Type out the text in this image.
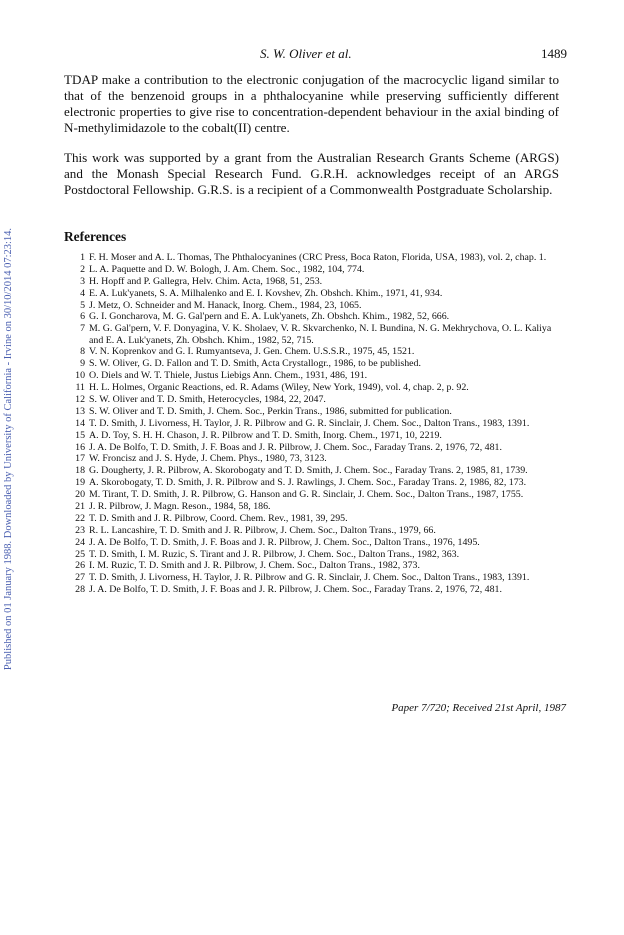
Published on 01 January 1988. Downloaded by University of California - Irvine on 30/10/2014 07:23:14.
S. W. Oliver et al.	1489

TDAP make a contribution to the electronic conjugation of the macrocyclic ligand similar to that of the benzenoid groups in a phthalocyanine while preserving sufficiently different electronic properties to give rise to concentration-dependent behaviour in the axial binding of N-methylimidazole to the cobalt(II) centre.

This work was supported by a grant from the Australian Research Grants Scheme (ARGS) and the Monash Special Research Fund. G.R.H. acknowledges receipt of an ARGS Postdoctoral Fellowship. G.R.S. is a recipient of a Commonwealth Postgraduate Scholarship.

References
1 F. H. Moser and A. L. Thomas, The Phthalocyanines (CRC Press, Boca Raton, Florida, USA, 1983), vol. 2, chap. 1.
2 L. A. Paquette and D. W. Bologh, J. Am. Chem. Soc., 1982, 104, 774.
3 H. Hopff and P. Gallegra, Helv. Chim. Acta, 1968, 51, 253.
4 E. A. Luk'yanets, S. A. Milhalenko and E. I. Kovshev, Zh. Obshch. Khim., 1971, 41, 934.
5 J. Metz, O. Schneider and M. Hanack, Inorg. Chem., 1984, 23, 1065.
6 G. I. Goncharova, M. G. Gal'pern and E. A. Luk'yanets, Zh. Obshch. Khim., 1982, 52, 666.
7 M. G. Gal'pern, V. F. Donyagina, V. K. Sholaev, V. R. Skvarchenko, N. I. Bundina, N. G. Mekhrychova, O. L. Kaliya and E. A. Luk'yanets, Zh. Obshch. Khim., 1982, 52, 715.
8 V. N. Koprenkov and G. I. Rumyantseva, J. Gen. Chem. U.S.S.R., 1975, 45, 1521.
9 S. W. Oliver, G. D. Fallon and T. D. Smith, Acta Crystallogr., 1986, to be published.
10 O. Diels and W. T. Thiele, Justus Liebigs Ann. Chem., 1931, 486, 191.
11 H. L. Holmes, Organic Reactions, ed. R. Adams (Wiley, New York, 1949), vol. 4, chap. 2, p. 92.
12 S. W. Oliver and T. D. Smith, Heterocycles, 1984, 22, 2047.
13 S. W. Oliver and T. D. Smith, J. Chem. Soc., Perkin Trans., 1986, submitted for publication.
14 T. D. Smith, J. Livorness, H. Taylor, J. R. Pilbrow and G. R. Sinclair, J. Chem. Soc., Dalton Trans., 1983, 1391.
15 A. D. Toy, S. H. H. Chason, J. R. Pilbrow and T. D. Smith, Inorg. Chem., 1971, 10, 2219.
16 J. A. De Bolfo, T. D. Smith, J. F. Boas and J. R. Pilbrow, J. Chem. Soc., Faraday Trans. 2, 1976, 72, 481.
17 W. Froncisz and J. S. Hyde, J. Chem. Phys., 1980, 73, 3123.
18 G. Dougherty, J. R. Pilbrow, A. Skorobogaty and T. D. Smith, J. Chem. Soc., Faraday Trans. 2, 1985, 81, 1739.
19 A. Skorobogaty, T. D. Smith, J. R. Pilbrow and S. J. Rawlings, J. Chem. Soc., Faraday Trans. 2, 1986, 82, 173.
20 M. Tirant, T. D. Smith, J. R. Pilbrow, G. Hanson and G. R. Sinclair, J. Chem. Soc., Dalton Trans., 1987, 1755.
21 J. R. Pilbrow, J. Magn. Reson., 1984, 58, 186.
22 T. D. Smith and J. R. Pilbrow, Coord. Chem. Rev., 1981, 39, 295.
23 R. L. Lancashire, T. D. Smith and J. R. Pilbrow, J. Chem. Soc., Dalton Trans., 1979, 66.
24 J. A. De Bolfo, T. D. Smith, J. F. Boas and J. R. Pilbrow, J. Chem. Soc., Dalton Trans., 1976, 1495.
25 T. D. Smith, I. M. Ruzic, S. Tirant and J. R. Pilbrow, J. Chem. Soc., Dalton Trans., 1982, 363.
26 I. M. Ruzic, T. D. Smith and J. R. Pilbrow, J. Chem. Soc., Dalton Trans., 1982, 373.
27 T. D. Smith, J. Livorness, H. Taylor, J. R. Pilbrow and G. R. Sinclair, J. Chem. Soc., Dalton Trans., 1983, 1391.
28 J. A. De Bolfo, T. D. Smith, J. F. Boas and J. R. Pilbrow, J. Chem. Soc., Faraday Trans. 2, 1976, 72, 481.

Paper 7/720; Received 21st April, 1987
